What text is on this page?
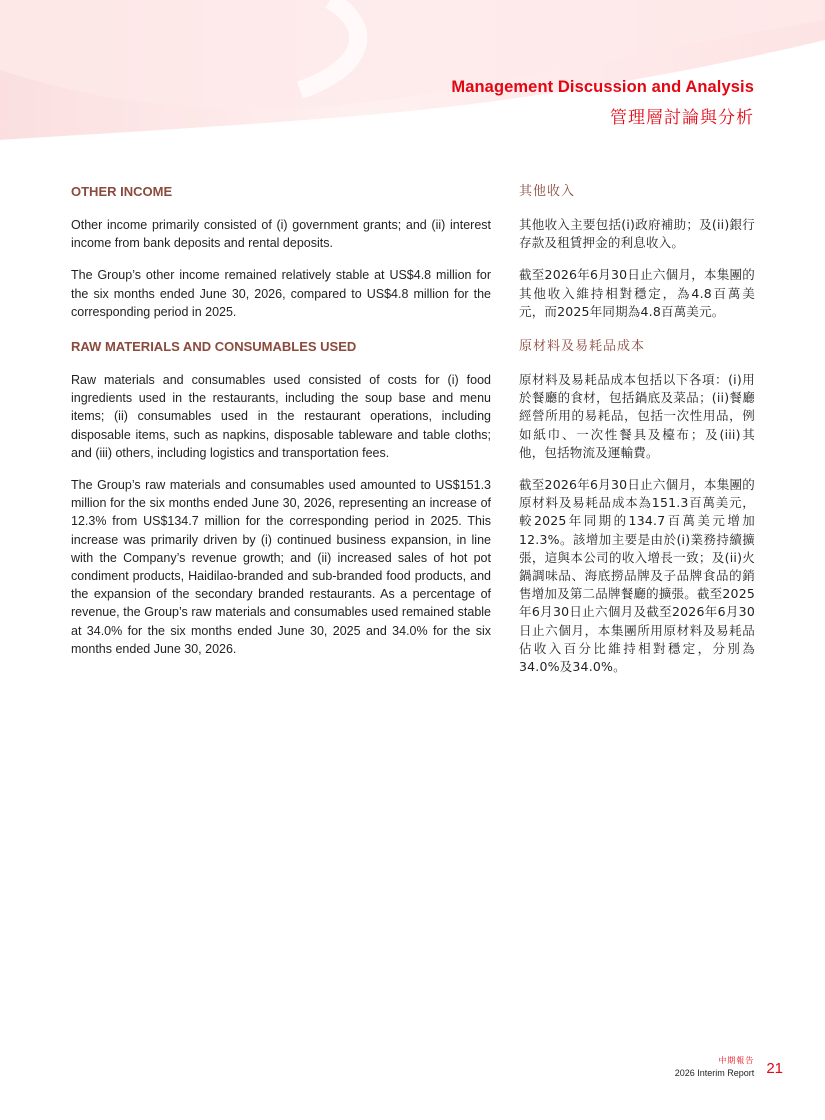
Management Discussion and Analysis
管理層討論與分析
OTHER INCOME

Other income primarily consisted of (i) government grants; and (ii) interest income from bank deposits and rental deposits.

The Group’s other income remained relatively stable at US$4.8 million for the six months ended June 30, 2026, compared to US$4.8 million for the corresponding period in 2025.

RAW MATERIALS AND CONSUMABLES USED

Raw materials and consumables used consisted of costs for (i) food ingredients used in the restaurants, including the soup base and menu items; (ii) consumables used in the restaurant operations, including disposable items, such as napkins, disposable tableware and table cloths; and (iii) others, including logistics and transportation fees.

The Group’s raw materials and consumables used amounted to US$151.3 million for the six months ended June 30, 2026, representing an increase of 12.3% from US$134.7 million for the corresponding period in 2025. This increase was primarily driven by (i) continued business expansion, in line with the Company’s revenue growth; and (ii) increased sales of hot pot condiment products, Haidilao-branded and sub-branded food products, and the expansion of the secondary branded restaurants. As a percentage of revenue, the Group’s raw materials and consumables used remained stable at 34.0% for the six months ended June 30, 2025 and 34.0% for the six months ended June 30, 2026.

其他收入

其他收入主要包括(i)政府補助；及(ii)銀行存款及租賃押金的利息收入。

截至2026年6月30日止六個月，本集團的其他收入維持相對穩定，為4.8百萬美元，而2025年同期為4.8百萬美元。

原材料及易耗品成本

原材料及易耗品成本包括以下各項：(i)用於餐廳的食材，包括鍋底及菜品；(ii)餐廳經營所用的易耗品，包括一次性用品，例如紙巾、一次性餐具及檯布；及(iii)其他，包括物流及運輸費。

截至2026年6月30日止六個月，本集團的原材料及易耗品成本為151.3百萬美元，較2025年同期的134.7百萬美元增加12.3%。該增加主要是由於(i)業務持續擴張，這與本公司的收入增長一致；及(ii)火鍋調味品、海底撈品牌及子品牌食品的銷售增加及第二品牌餐廳的擴張。截至2025年6月30日止六個月及截至2026年6月30日止六個月，本集團所用原材料及易耗品佔收入百分比維持相對穩定，分別為34.0%及34.0%。

中期報告
2026 Interim Report 21
